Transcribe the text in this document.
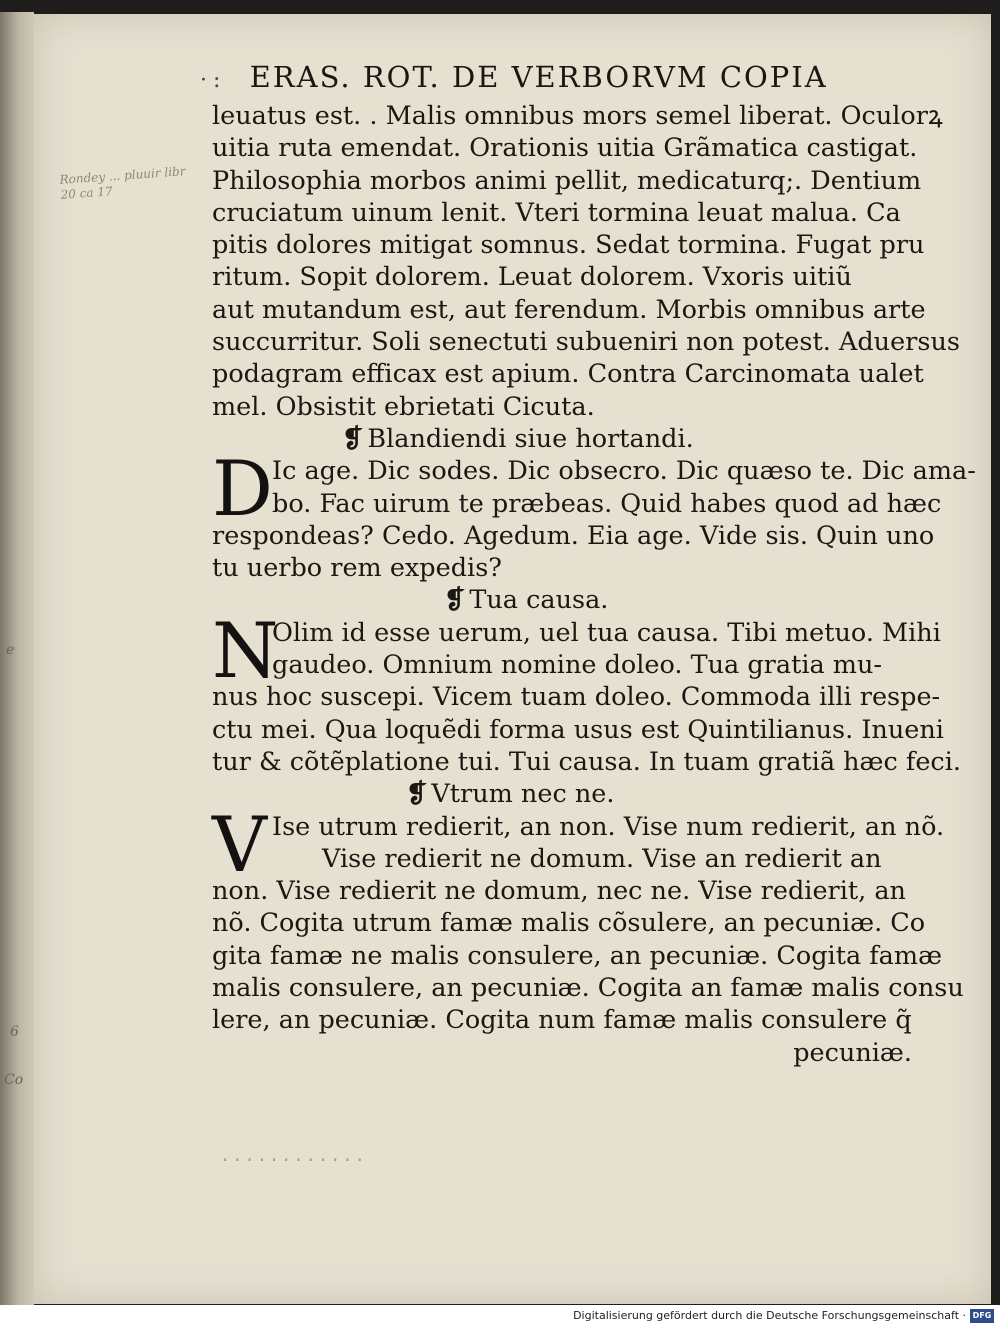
e
6
Co
Rondey ... pluuir libr 20 ca 17
·: ERAS. ROT. DE VERBORVM COPIA
leuatus est. . Malis omnibus mors semel liberat. Oculorꝝ
uitia ruta emendat. Orationis uitia Grãmatica castigat.
Philosophia morbos animi pellit, medicaturq;. Dentium
cruciatum uinum lenit. Vteri tormina leuat malua. Ca
pitis dolores mitigat somnus. Sedat tormina. Fugat pru
ritum. Sopit dolorem. Leuat dolorem. Vxoris uitiũ
aut mutandum est, aut ferendum. Morbis omnibus arte
succurritur. Soli senectuti subueniri non potest. Aduersus
podagram efficax est apium. Contra Carcinomata ualet
mel. Obsistit ebrietati Cicuta.
❡ Blandiendi siue hortandi.
D Ic age. Dic sodes. Dic obsecro. Dic quæso te. Dic ama-
bo. Fac uirum te præbeas. Quid habes quod ad hæc
respondeas? Cedo. Agedum. Eia age. Vide sis. Quin uno
tu uerbo rem expedis?
❡ Tua causa.
N
Olim id esse uerum, uel tua causa. Tibi metuo. Mihi
gaudeo. Omnium nomine doleo. Tua gratia mu-
nus hoc suscepi. Vicem tuam doleo. Commoda illi respe-
ctu mei. Qua loquẽdi forma usus est Quintilianus. Inueni
tur & cõtẽplatione tui. Tui causa. In tuam gratiã hæc feci.
❡ Vtrum nec ne.
V Ise utrum redierit, an non. Vise num redierit, an nõ.
Vise redierit ne domum. Vise an redierit an
non. Vise redierit ne domum, nec ne. Vise redierit, an
nõ. Cogita utrum famæ malis cõsulere, an pecuniæ. Co
gita famæ ne malis consulere, an pecuniæ. Cogita famæ
malis consulere, an pecuniæ. Cogita an famæ malis consu
lere, an pecuniæ. Cogita num famæ malis consulere q̃
pecuniæ.
............
Digitalisierung gefördert durch die Deutsche Forschungsgemeinschaft · DFG
